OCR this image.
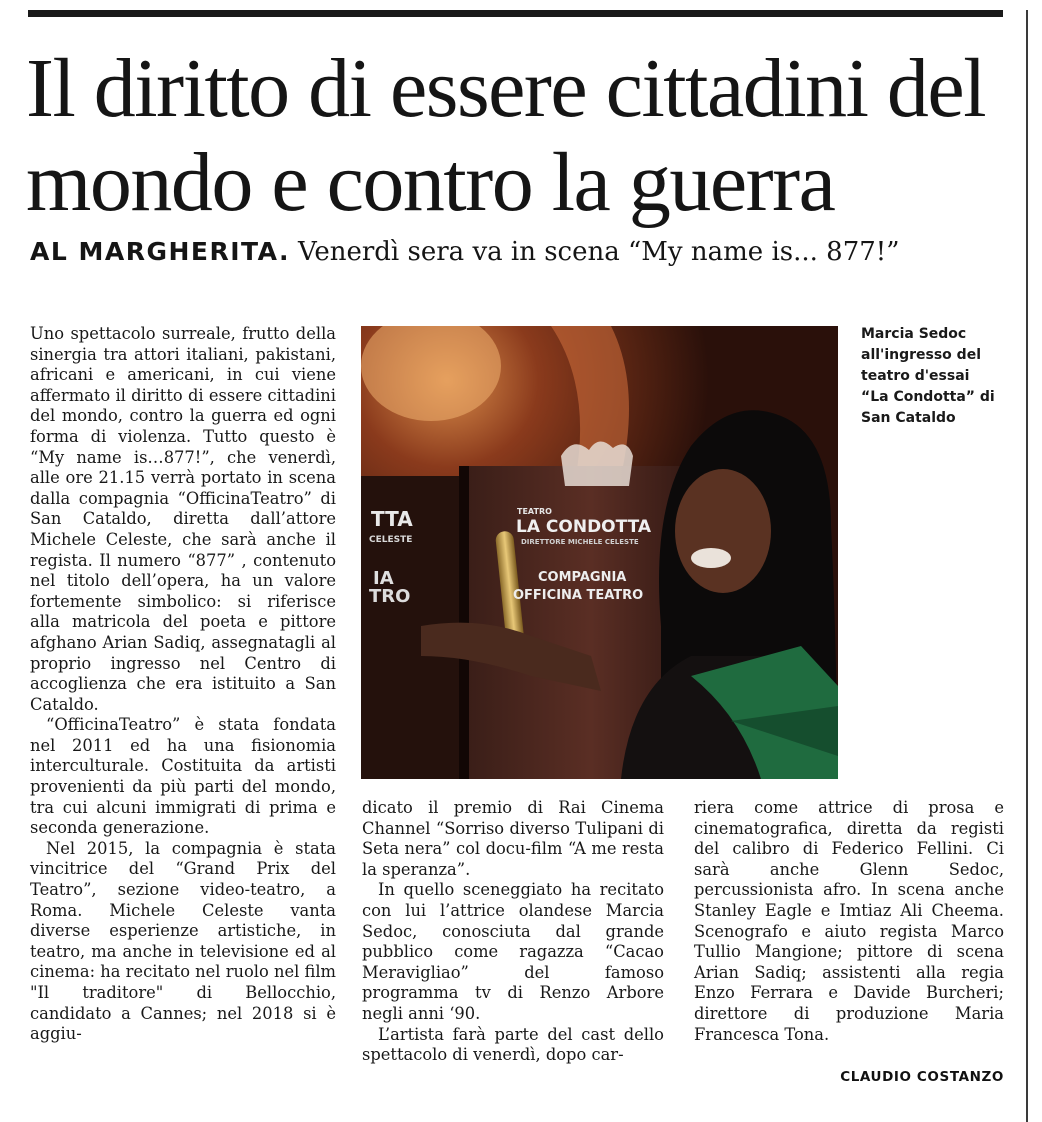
Il diritto di essere cittadini del mondo e contro la guerra
AL MARGHERITA. Venerdì sera va in scena “My name is... 877!”

Uno spettacolo surreale, frutto della sinergia tra attori italiani, pakistani, africani e americani, in cui viene affermato il diritto di essere cittadini del mondo, contro la guerra ed ogni forma di violenza. Tutto questo è “My name is…877!”, che venerdì, alle ore 21.15 verrà portato in scena dalla compagnia “OfficinaTeatro” di San Cataldo, diretta dall’attore Michele Celeste, che sarà anche il regista. Il numero “877” , contenuto nel titolo dell’opera, ha un valore fortemente simbolico: si riferisce alla matricola del poeta e pittore afghano Arian Sadiq, assegnatagli al proprio ingresso nel Centro di accoglienza che era istituito a San Cataldo.

“OfficinaTeatro” è stata fondata nel 2011 ed ha una fisionomia interculturale. Costituita da artisti provenienti da più parti del mondo, tra cui alcuni immigrati di prima e seconda generazione.

Nel 2015, la compagnia è stata vincitrice del “Grand Prix del Teatro”, sezione video-teatro, a Roma. Michele Celeste vanta diverse esperienze artistiche, in teatro, ma anche in televisione ed al cinema: ha recitato nel ruolo nel film "Il traditore" di Bellocchio, candidato a Cannes; nel 2018 si è aggiu-

TTA
CELESTE
IA
TRO
TEATRO
LA CONDOTTA
DIRETTORE MICHELE CELESTE
COMPAGNIA
OFFICINA TEATRO
Marcia Sedoc all'ingresso del teatro d'essai “La Condotta” di San Cataldo

dicato il premio di Rai Cinema Channel “Sorriso diverso Tulipani di Seta nera” col docu-film “A me resta la speranza”.

In quello sceneggiato ha recitato con lui l’attrice olandese Marcia Sedoc, conosciuta dal grande pubblico come ragazza “Cacao Meravigliao” del famoso programma tv di Renzo Arbore negli anni ‘90.

L’artista farà parte del cast dello spettacolo di venerdì, dopo car-

riera come attrice di prosa e cinematografica, diretta da registi del calibro di Federico Fellini. Ci sarà anche Glenn Sedoc, percussionista afro. In scena anche Stanley Eagle e Imtiaz Ali Cheema. Scenografo e aiuto regista Marco Tullio Mangione; pittore di scena Arian Sadiq; assistenti alla regia Enzo Ferrara e Davide Burcheri; direttore di produzione Maria Francesca Tona.

CLAUDIO COSTANZO
